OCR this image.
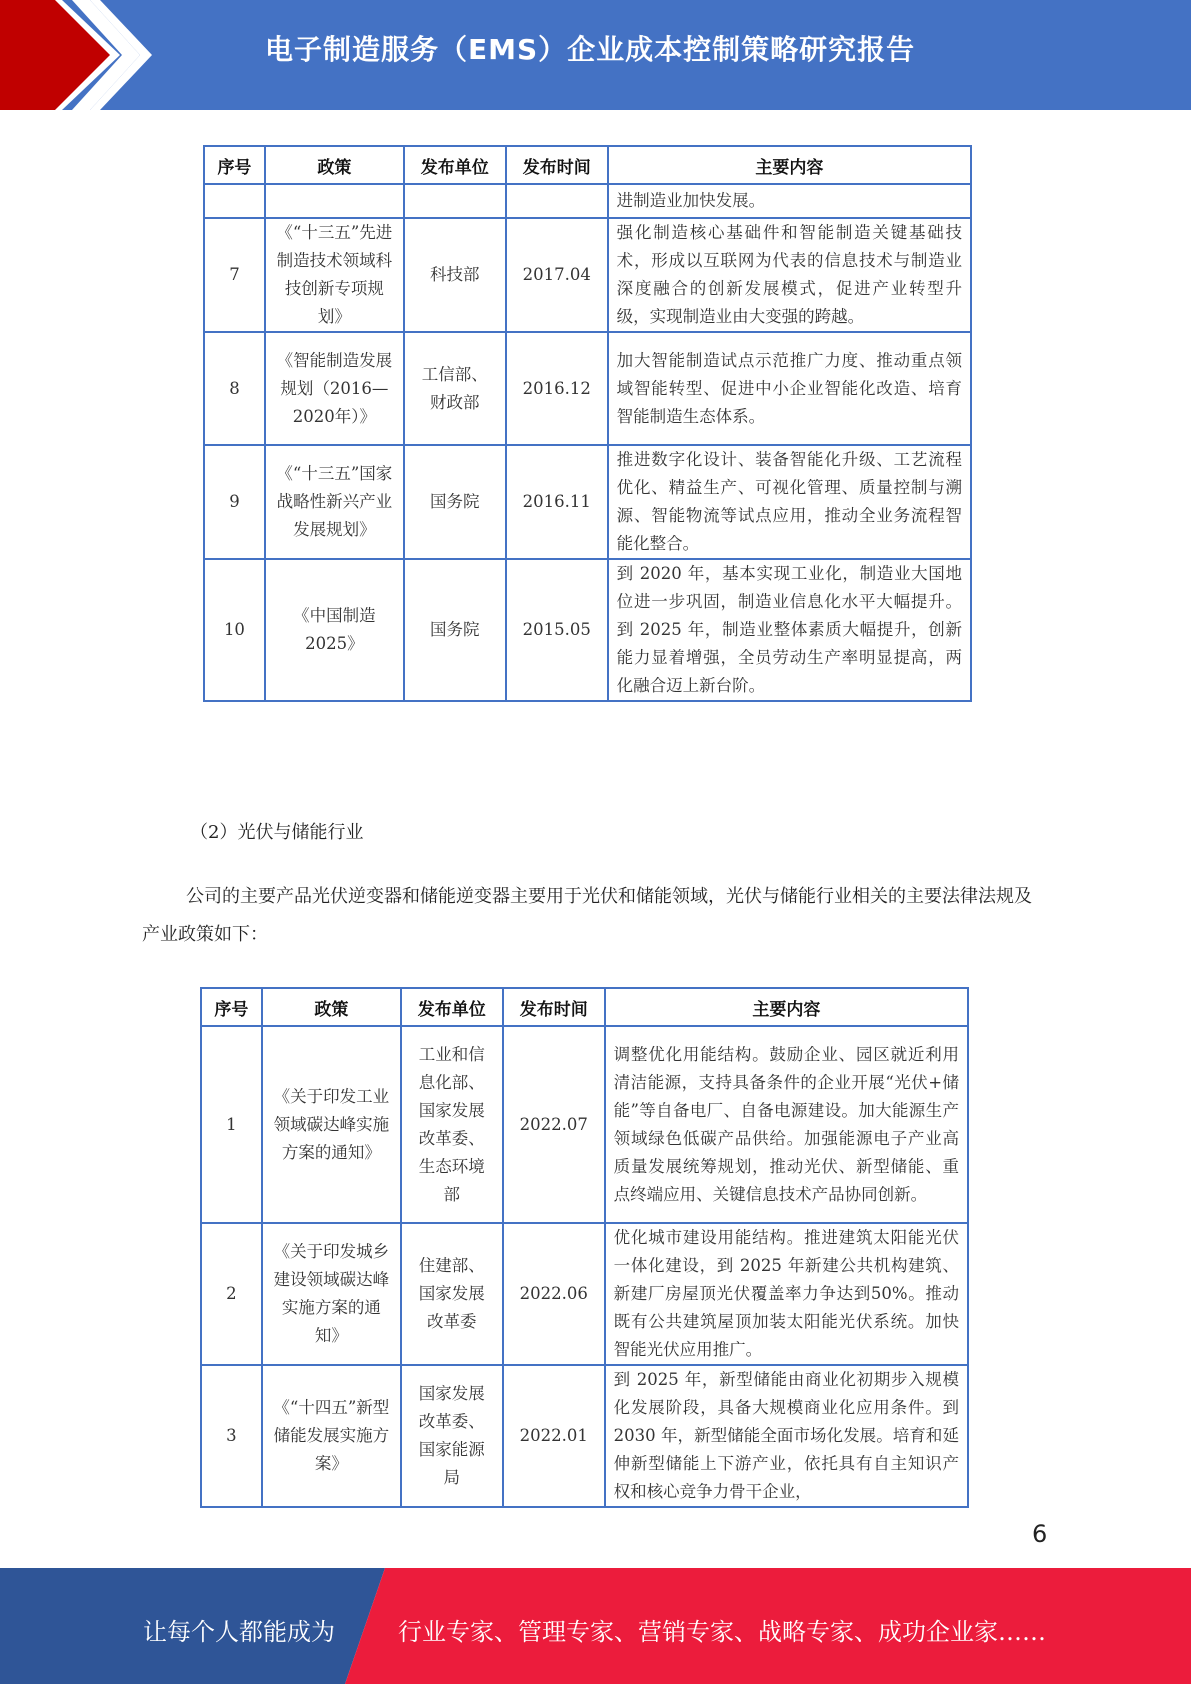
电子制造服务（EMS）企业成本控制策略研究报告
序号	政策	发布单位	发布时间	主要内容
				进制造业加快发展。
7	《“十三五”先进制造技术领域科技创新专项规划》	科技部	2017.04	强化制造核心基础件和智能制造关键基础技术，形成以互联网为代表的信息技术与制造业深度融合的创新发展模式，促进产业转型升级，实现制造业由大变强的跨越。
8	《智能制造发展规划（2016—2020年）》	工信部、财政部	2016.12	加大智能制造试点示范推广力度、推动重点领域智能转型、促进中小企业智能化改造、培育智能制造生态体系。
9	《“十三五”国家战略性新兴产业发展规划》	国务院	2016.11	推进数字化设计、装备智能化升级、工艺流程优化、精益生产、可视化管理、质量控制与溯源、智能物流等试点应用，推动全业务流程智能化整合。
10	《中国制造2025》	国务院	2015.05	到 2020 年，基本实现工业化，制造业大国地位进一步巩固，制造业信息化水平大幅提升。到 2025 年，制造业整体素质大幅提升，创新能力显着增强，全员劳动生产率明显提高，两化融合迈上新台阶。
（2）光伏与储能行业
公司的主要产品光伏逆变器和储能逆变器主要用于光伏和储能领域，光伏与储能行业相关的主要法律法规及产业政策如下：
序号	政策	发布单位	发布时间	主要内容
1	《关于印发工业领域碳达峰实施方案的通知》	工业和信息化部、国家发展改革委、生态环境部	2022.07	调整优化用能结构。鼓励企业、园区就近利用清洁能源，支持具备条件的企业开展“光伏+储能”等自备电厂、自备电源建设。加大能源生产领域绿色低碳产品供给。加强能源电子产业高质量发展统筹规划，推动光伏、新型储能、重点终端应用、关键信息技术产品协同创新。
2	《关于印发城乡建设领域碳达峰实施方案的通知》	住建部、国家发展改革委	2022.06	优化城市建设用能结构。推进建筑太阳能光伏一体化建设，到 2025 年新建公共机构建筑、新建厂房屋顶光伏覆盖率力争达到50%。推动既有公共建筑屋顶加装太阳能光伏系统。加快智能光伏应用推广。
3	《“十四五”新型储能发展实施方案》	国家发展改革委、国家能源局	2022.01	到 2025 年，新型储能由商业化初期步入规模化发展阶段，具备大规模商业化应用条件。到 2030 年，新型储能全面市场化发展。培育和延伸新型储能上下游产业，依托具有自主知识产权和核心竞争力骨干企业，
6
让每个人都能成为	行业专家、管理专家、营销专家、战略专家、成功企业家……
